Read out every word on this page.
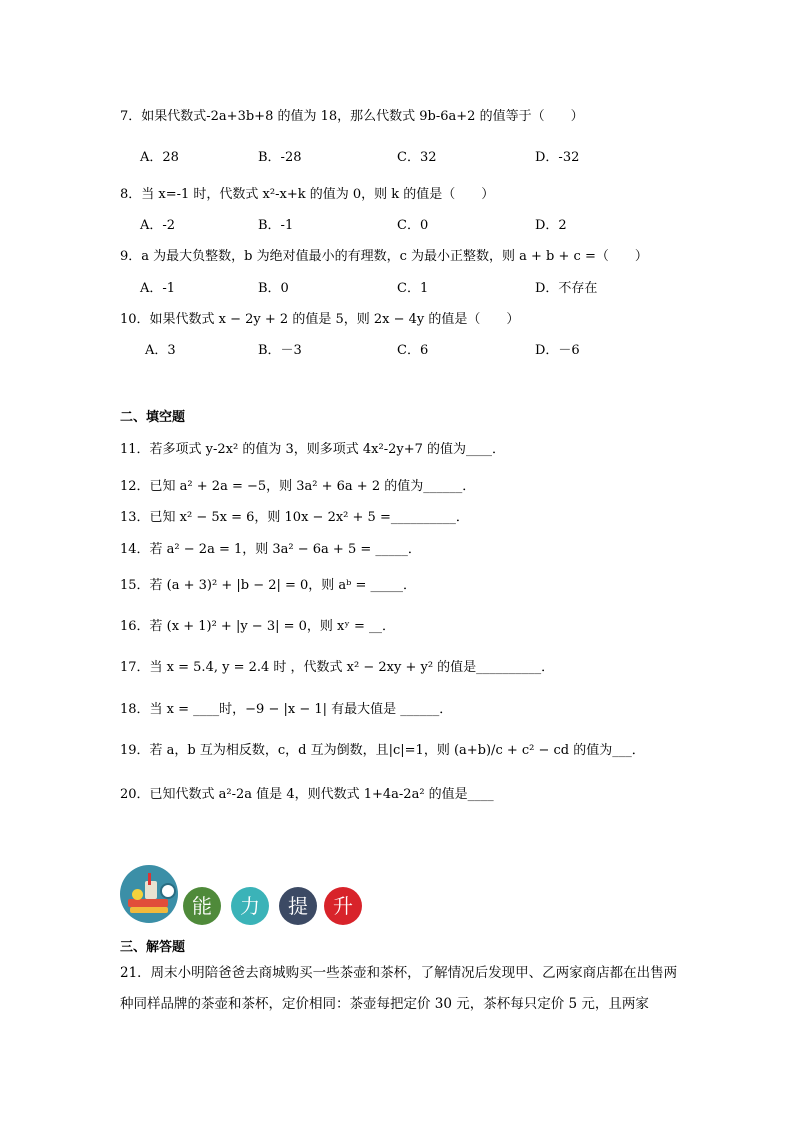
7．如果代数式-2a+3b+8 的值为 18，那么代数式 9b-6a+2 的值等于（　　）
A．28	B．-28	C．32	D．-32
8．当 x=-1 时，代数式 x²-x+k 的值为 0，则 k 的值是（　　）
A．-2	B．-1	C．0	D．2
9．a 为最大负整数，b 为绝对值最小的有理数，c 为最小正整数，则 a + b + c =（　　）
A．-1	B．0	C．1	D．不存在
10．如果代数式 x − 2y + 2 的值是 5，则 2x − 4y 的值是（　　）
A．3	B．－3	C．6	D．－6
二、填空题
11．若多项式 y-2x² 的值为 3，则多项式 4x²-2y+7 的值为____．
12．已知 a² + 2a = −5，则 3a² + 6a + 2 的值为______．
13．已知 x² − 5x = 6，则 10x − 2x² + 5 =__________．
14．若 a² − 2a = 1，则 3a² − 6a + 5 = _____．
15．若 (a + 3)² + |b − 2| = 0，则 aᵇ = _____．
16．若 (x + 1)² + |y − 3| = 0，则 xʸ = __．
17．当 x = 5.4, y = 2.4 时 ，代数式 x² − 2xy + y² 的值是__________．
18．当 x = ____时，−9 − |x − 1| 有最大值是 ______．
19．若 a，b 互为相反数，c，d 互为倒数，且|c|=1，则 (a+b)/c + c² − cd 的值为___．
20．已知代数式 a²-2a 值是 4，则代数式 1+4a-2a² 的值是____
能	力	提	升
三、解答题
21．周末小明陪爸爸去商城购买一些茶壶和茶杯，了解情况后发现甲、乙两家商店都在出售两种同样品牌的茶壶和茶杯，定价相同：茶壶每把定价 30 元，茶杯每只定价 5 元，且两家
